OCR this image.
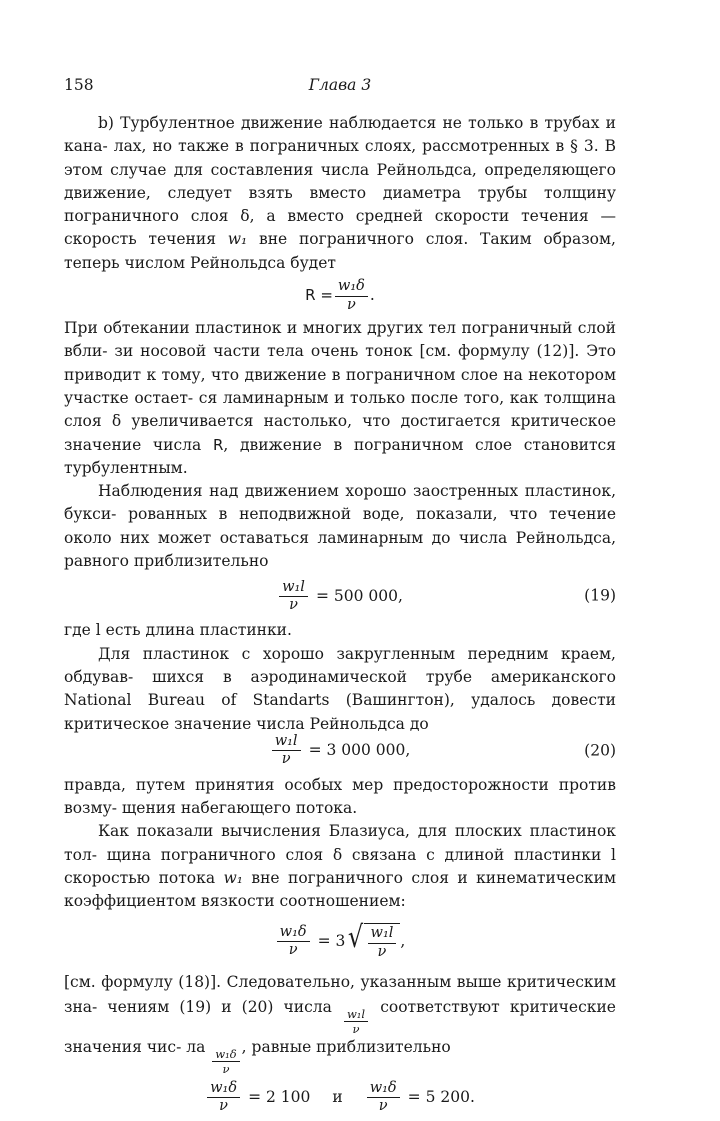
158	Глава 3

b) Турбулентное движение наблюдается не только в трубах и кана- лах, но также в пограничных слоях, рассмотренных в § 3. В этом случае для составления числа Рейнольдса, определяющего движение, следует взять вместо диаметра трубы толщину пограничного слоя δ, а вместо средней скорости течения — скорость течения w₁ вне пограничного слоя. Таким образом, теперь числом Рейнольдса будет

$R = \frac{\text{w₁δ}}{\nu}$ .

При обтекании пластинок и многих других тел пограничный слой вбли- зи носовой части тела очень тонок [см. формулу (12)]. Это приводит к тому, что движение в пограничном слое на некотором участке остает- ся ламинарным и только после того, как толщина слоя δ увеличивается настолько, что достигается критическое значение числа R, движение в пограничном слое становится турбулентным.

Наблюдения над движением хорошо заостренных пластинок, букси- рованных в неподвижной воде, показали, что течение около них может оставаться ламинарным до числа Рейнольдса, равного приблизительно

$\frac{\text{w₁l}}{\nu} = 500$ 000,	(19)

где l есть длина пластинки.

Для пластинок с хорошо закругленным передним краем, обдував- шихся в аэродинамической трубе американского National Bureau of Standarts (Вашингтон), удалось довести критическое значение числа Рейнольдса до

$\frac{\text{w₁l}}{\nu} = 3$ 000 000,	(20)

правда, путем принятия особых мер предосторожности против возму- щения набегающего потока.

Как показали вычисления Блазиуса, для плоских пластинок тол- щина пограничного слоя δ связана с длиной пластинки l скоростью потока w₁ вне пограничного слоя и кинематическим коэффициентом вязкости соотношением:

$\frac{\text{w₁δ}}{\nu} = 3$ √ $\frac{\text{w₁l}}{\nu}$ ,

[см. формулу (18)]. Следовательно, указанным выше критическим зна- чениям (19) и (20) числа
$\frac{\text{w₁l}}{\nu}$
соответствуют критические значения чис- ла
$\frac{\text{w₁δ}}{\nu}$
, равные приблизительно

$\frac{\text{w₁δ}}{\nu} = 2$ 100 и $\frac{\text{w₁δ}}{\nu} = 5$ 200.
